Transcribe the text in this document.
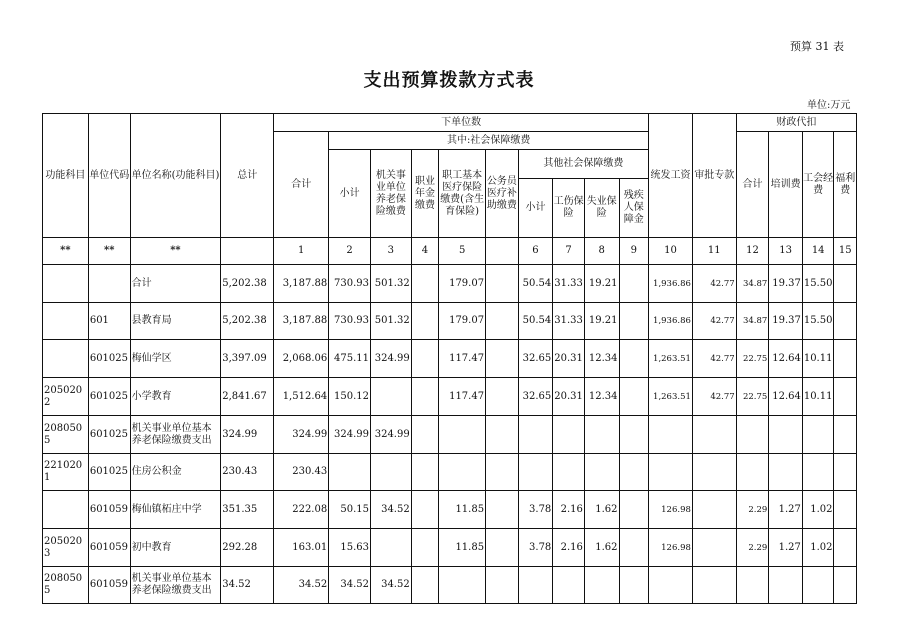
预算 31 表
支出预算拨款方式表
单位:万元
功能科目	单位代码	单位名称(功能科目)	总计	下单位数										统发工资	审批专款	财政代扣			
				合计	其中:社会保障缴费											合计	培训费	工会经费	福利费
					小计	机关事业单位养老保险缴费	职业年金缴费	职工基本医疗保险缴费(含生育保险)	公务员医疗补助缴费	其他社会保障缴费									
										小计	工伤保险	失业保险	残疾人保障金						
**	**	**		1	2	3	4	5		6	7	8	9	10	11	12	13	14	15
		合计	5,202.38	3,187.88	730.93	501.32		179.07		50.54	31.33	19.21		1,936.86	42.77	34.87	19.37	15.50	
	601	县教育局	5,202.38	3,187.88	730.93	501.32		179.07		50.54	31.33	19.21		1,936.86	42.77	34.87	19.37	15.50	
	601025	梅仙学区	3,397.09	2,068.06	475.11	324.99		117.47		32.65	20.31	12.34		1,263.51	42.77	22.75	12.64	10.11	
2050202	601025	小学教育	2,841.67	1,512.64	150.12			117.47		32.65	20.31	12.34		1,263.51	42.77	22.75	12.64	10.11	
2080505	601025	机关事业单位基本养老保险缴费支出	324.99	324.99	324.99	324.99													
2210201	601025	住房公积金	230.43	230.43															
	601059	梅仙镇柘庄中学	351.35	222.08	50.15	34.52		11.85		3.78	2.16	1.62		126.98		2.29	1.27	1.02	
2050203	601059	初中教育	292.28	163.01	15.63			11.85		3.78	2.16	1.62		126.98		2.29	1.27	1.02	
2080505	601059	机关事业单位基本养老保险缴费支出	34.52	34.52	34.52	34.52													
